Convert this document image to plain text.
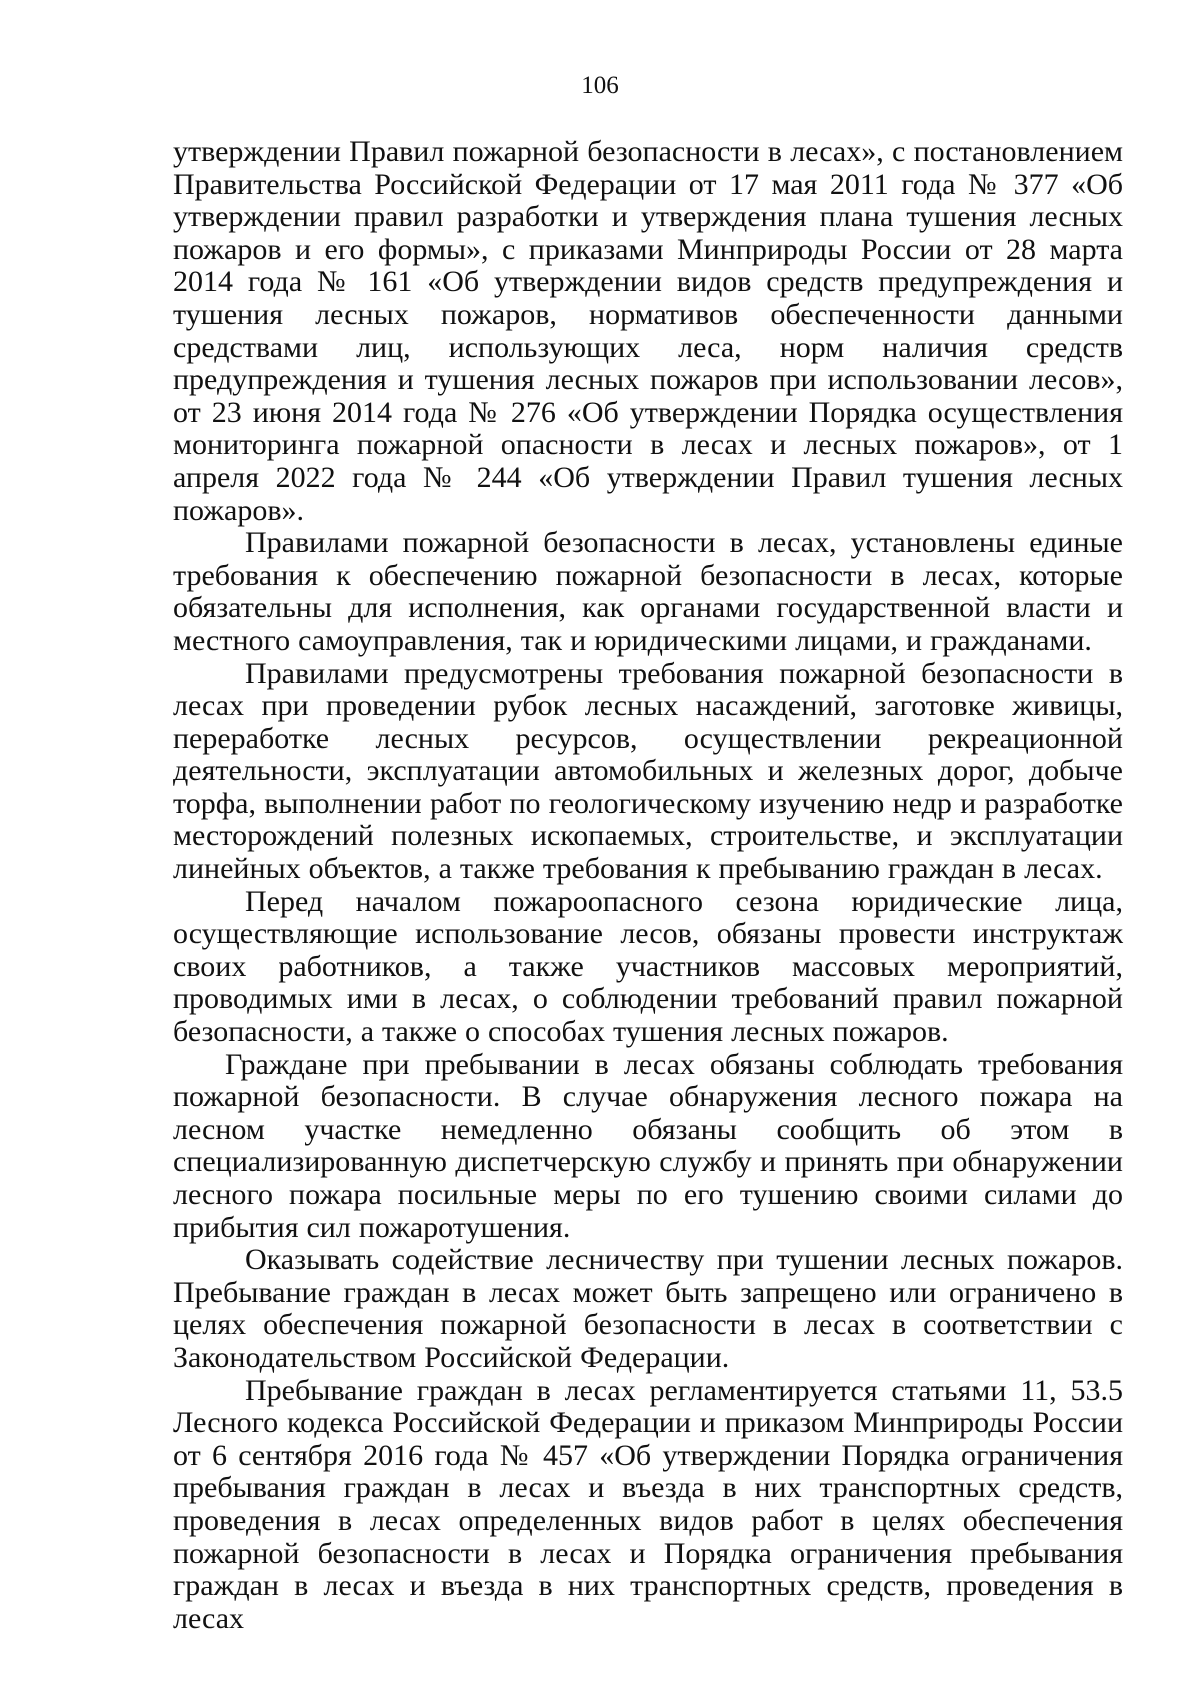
106

утверждении Правил пожарной безопасности в лесах», с постановлением Правительства Российской Федерации от 17 мая 2011 года № 377 «Об утверждении правил разработки и утверждения плана тушения лесных пожаров и его формы», с приказами Минприроды России от 28 марта 2014 года № 161 «Об утверждении видов средств предупреждения и тушения лесных пожаров, нормативов обеспеченности данными средствами лиц, использующих леса, норм наличия средств предупреждения и тушения лесных пожаров при использовании лесов», от 23 июня 2014 года № 276 «Об утверждении Порядка осуществления мониторинга пожарной опасности в лесах и лесных пожаров», от 1 апреля 2022 года № 244 «Об утверждении Правил тушения лесных пожаров».

Правилами пожарной безопасности в лесах, установлены единые требования к обеспечению пожарной безопасности в лесах, которые обязательны для исполнения, как органами государственной власти и местного самоуправления, так и юридическими лицами, и гражданами.

Правилами предусмотрены требования пожарной безопасности в лесах при проведении рубок лесных насаждений, заготовке живицы, переработке лесных ресурсов, осуществлении рекреационной деятельности, эксплуатации автомобильных и железных дорог, добыче торфа, выполнении работ по геологическому изучению недр и разработке месторождений полезных ископаемых, строительстве, и эксплуатации линейных объектов, а также требования к пребыванию граждан в лесах.

Перед началом пожароопасного сезона юридические лица, осуществляющие использование лесов, обязаны провести инструктаж своих работников, а также участников массовых мероприятий, проводимых ими в лесах, о соблюдении требований правил пожарной безопасности, а также о способах тушения лесных пожаров.

Граждане при пребывании в лесах обязаны соблюдать требования пожарной безопасности. В случае обнаружения лесного пожара на лесном участке немедленно обязаны сообщить об этом в специализированную диспетчерскую службу и принять при обнаружении лесного пожара посильные меры по его тушению своими силами до прибытия сил пожаротушения.

Оказывать содействие лесничеству при тушении лесных пожаров. Пребывание граждан в лесах может быть запрещено или ограничено в целях обеспечения пожарной безопасности в лесах в соответствии с Законодательством Российской Федерации.

Пребывание граждан в лесах регламентируется статьями 11, 53.5 Лесного кодекса Российской Федерации и приказом Минприроды России от 6 сентября 2016 года № 457 «Об утверждении Порядка ограничения пребывания граждан в лесах и въезда в них транспортных средств, проведения в лесах определенных видов работ в целях обеспечения пожарной безопасности в лесах и Порядка ограничения пребывания граждан в лесах и въезда в них транспортных средств, проведения в лесах
